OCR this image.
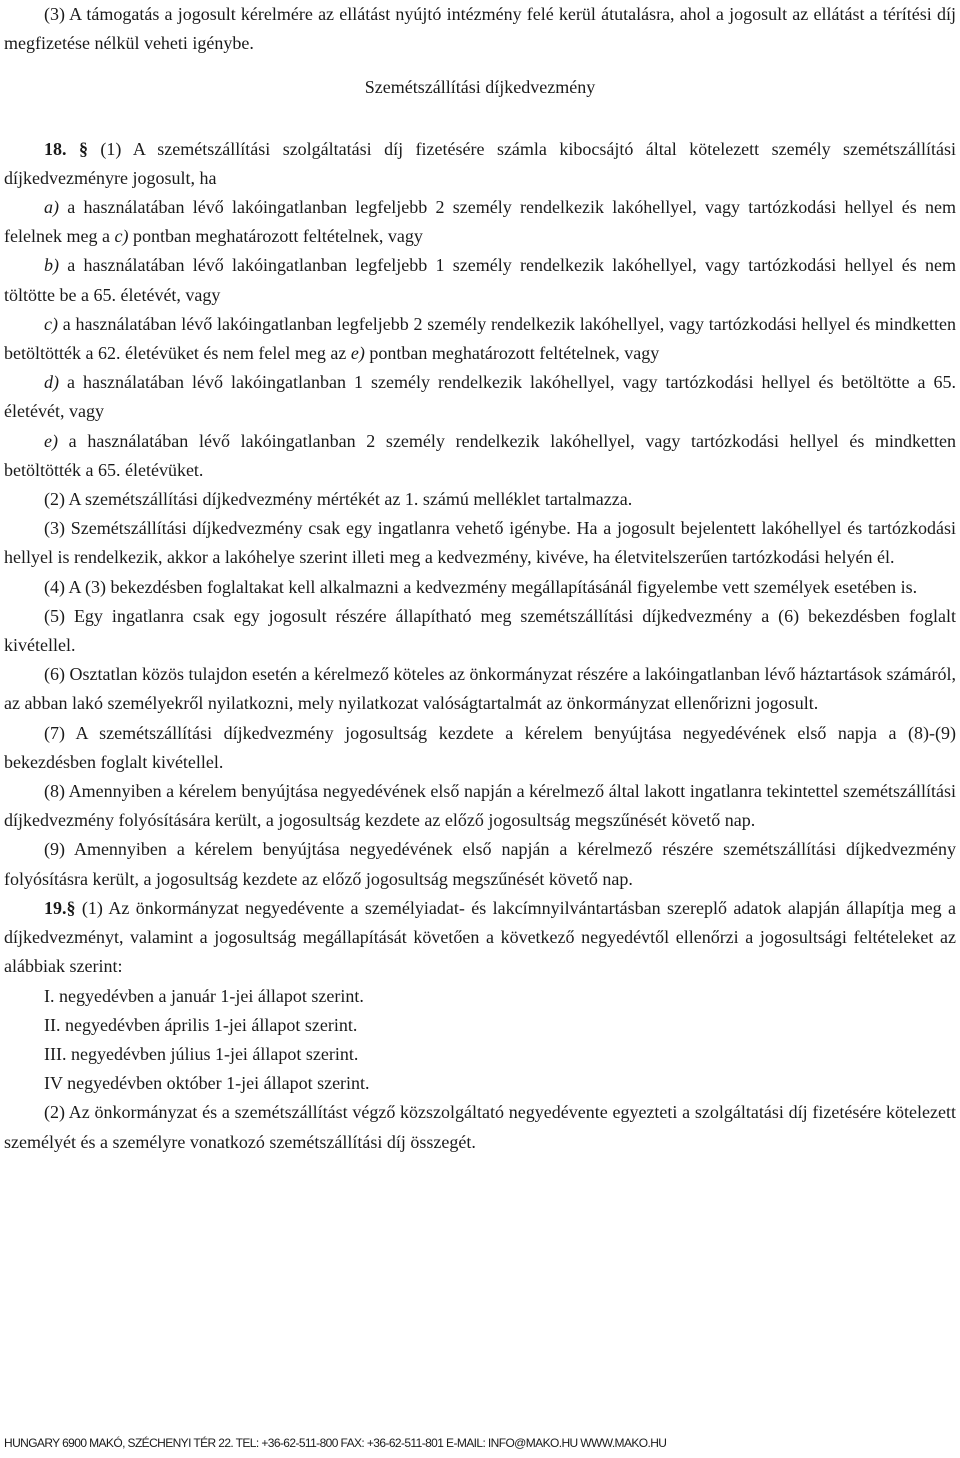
(3) A támogatás a jogosult kérelmére az ellátást nyújtó intézmény felé kerül átutalásra, ahol a jogosult az ellátást a térítési díj megfizetése nélkül veheti igénybe.

Szemétszállítási díjkedvezmény

18. § (1) A szemétszállítási szolgáltatási díj fizetésére számla kibocsájtó által kötelezett személy szemétszállítási díjkedvezményre jogosult, ha

a) a használatában lévő lakóingatlanban legfeljebb 2 személy rendelkezik lakóhellyel, vagy tartózkodási hellyel és nem felelnek meg a c) pontban meghatározott feltételnek, vagy

b) a használatában lévő lakóingatlanban legfeljebb 1 személy rendelkezik lakóhellyel, vagy tartózkodási hellyel és nem töltötte be a 65. életévét, vagy

c) a használatában lévő lakóingatlanban legfeljebb 2 személy rendelkezik lakóhellyel, vagy tartózkodási hellyel és mindketten betöltötték a 62. életévüket és nem felel meg az e) pontban meghatározott feltételnek, vagy

d) a használatában lévő lakóingatlanban 1 személy rendelkezik lakóhellyel, vagy tartózkodási hellyel és betöltötte a 65. életévét, vagy

e) a használatában lévő lakóingatlanban 2 személy rendelkezik lakóhellyel, vagy tartózkodási hellyel és mindketten betöltötték a 65. életévüket.

(2) A szemétszállítási díjkedvezmény mértékét az 1. számú melléklet tartalmazza.

(3) Szemétszállítási díjkedvezmény csak egy ingatlanra vehető igénybe. Ha a jogosult bejelentett lakóhellyel és tartózkodási hellyel is rendelkezik, akkor a lakóhelye szerint illeti meg a kedvezmény, kivéve, ha életvitelszerűen tartózkodási helyén él.

(4) A (3) bekezdésben foglaltakat kell alkalmazni a kedvezmény megállapításánál figyelembe vett személyek esetében is.

(5) Egy ingatlanra csak egy jogosult részére állapítható meg szemétszállítási díjkedvezmény a (6) bekezdésben foglalt kivétellel.

(6) Osztatlan közös tulajdon esetén a kérelmező köteles az önkormányzat részére a lakóingatlanban lévő háztartások számáról, az abban lakó személyekről nyilatkozni, mely nyilatkozat valóságtartalmát az önkormányzat ellenőrizni jogosult.

(7) A szemétszállítási díjkedvezmény jogosultság kezdete a kérelem benyújtása negyedévének első napja a (8)-(9) bekezdésben foglalt kivétellel.

(8) Amennyiben a kérelem benyújtása negyedévének első napján a kérelmező által lakott ingatlanra tekintettel szemétszállítási díjkedvezmény folyósítására került, a jogosultság kezdete az előző jogosultság megszűnését követő nap.

(9) Amennyiben a kérelem benyújtása negyedévének első napján a kérelmező részére szemétszállítási díjkedvezmény folyósításra került, a jogosultság kezdete az előző jogosultság megszűnését követő nap.

19.§ (1) Az önkormányzat negyedévente a személyiadat- és lakcímnyilvántartásban szereplő adatok alapján állapítja meg a díjkedvezményt, valamint a jogosultság megállapítását követően a következő negyedévtől ellenőrzi a jogosultsági feltételeket az alábbiak szerint:

I. negyedévben a január 1-jei állapot szerint.

II. negyedévben április 1-jei állapot szerint.

III. negyedévben július 1-jei állapot szerint.

IV negyedévben október 1-jei állapot szerint.

(2) Az önkormányzat és a szemétszállítást végző közszolgáltató negyedévente egyezteti a szolgáltatási díj fizetésére kötelezett személyét és a személyre vonatkozó szemétszállítási díj összegét.

HUNGARY 6900 MAKÓ, SZÉCHENYI TÉR 22. TEL: +36-62-511-800 FAX: +36-62-511-801 E-MAIL: INFO@MAKO.HU WWW.MAKO.HU
